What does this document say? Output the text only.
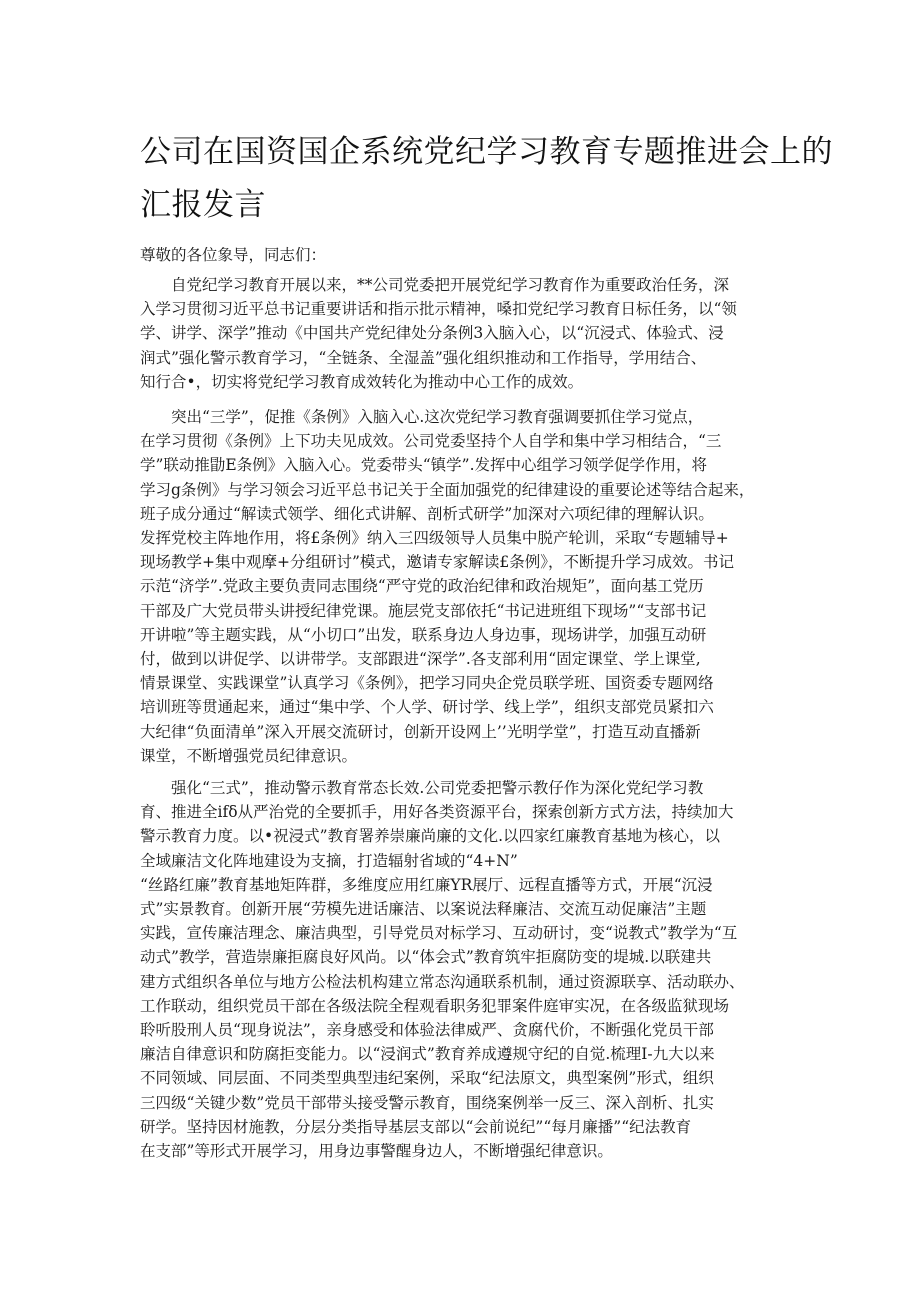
公司在国资国企系统党纪学习教育专题推进会上的
汇报发言

尊敬的各位象导，同志们：

自党纪学习教育开展以来，**公司党委把开展党纪学习教育作为重要政治任务，深
入学习贯彻习近平总书记重要讲话和指示批示精神，嗓扣党纪学习教育日标任务，以“领
学、讲学、深学”推动《中国共产党纪律处分条例3入脑入心，以“沉浸式、体验式、浸
润式”强化警示教育学习，“全链条、全湿盖”强化组织推动和工作指导，学用结合、
知行合•，切实将党纪学习教育成效转化为推动中心工作的成效。
突出“三学”，促推《条例》入脑入心.这次党纪学习教育强调要抓住学习觉点，
在学习贯彻《条例》上下功夫见成效。公司党委坚持个人自学和集中学习相结合，“三
学”联动推勖E条例》入脑入心。党委带头“镇学”.发挥中心组学习领学促学作用，将
学习g条例》与学习领会习近平总书记关于全面加强党的纪律建设的重要论述等结合起来，
班子成分通过“解读式领学、细化式讲解、剖析式研学”加深对六项纪律的理解认识。
发挥党校主阵地作用，将£条例》纳入三四级领导人员集中脱产轮训，采取“专题辅导+
现场教学+集中观摩+分组研讨”模式，邀请专家解读£条例》，不断提升学习成效。书记
示范“济学”.党政主要负责同志围绕“严守党的政治纪律和政治规矩”，面向基工党历
干部及广大党员带头讲授纪律党课。施层党支部依托“书记进班组下现场”“支部书记
开讲啦”等主题实践，从“小切口”出发，联系身边人身边事，现场讲学，加强互动研
付，做到以讲促学、以讲带学。支部跟进“深学”.各支部利用“固定课堂、学上课堂,
情景课堂、实践课堂”认真学习《条例》，把学习同央企党员联学班、国资委专题网络
培训班等贯通起来，通过“集中学、个人学、研讨学、线上学”，组织支部党员紧扣六
大纪律“负面清单”深入开展交流研讨，创新开设网上’’光明学堂”，打造互动直播新
课堂，不断增强党员纪律意识。
强化“三式”，推动警示教育常态长效.公司党委把警示教仔作为深化党纪学习教
育、推进全ifδ从严治党的全要抓手，用好各类资源平台，探索创新方式方法，持续加大
警示教育力度。以•祝浸式”教育署养崇廉尚廉的文化.以四家红廉教育基地为核心，以
全域廉洁文化阵地建设为支摘，打造辐射省域的“4+N”
“丝路红廉”教育基地矩阵群，多维度应用红廉YR展厅、远程直播等方式，开展“沉浸
式”实景教育。创新开展“劳模先进话廉洁、以案说法释廉洁、交流互动促廉洁”主题
实践，宣传廉洁理念、廉洁典型，引导党员对标学习、互动研讨，变“说教式”教学为“互
动式”教学，营造崇廉拒腐良好风尚。以“体会式”教育筑牢拒腐防变的堤城.以联建共
建方式组织各单位与地方公检法机构建立常态沟通联系机制，通过资源联享、活动联办、
工作联动，组织党员干部在各级法院全程观看职务犯罪案件庭审实况，在各级监狱现场
聆听股刑人员“现身说法”，亲身感受和体验法律威严、贪腐代价，不断强化党员干部
廉洁自律意识和防腐拒变能力。以“浸润式”教育养成遵规守纪的自觉.梳理I-九大以来
不同领域、同层面、不同类型典型违纪案例，采取“纪法原文，典型案例”形式，组织
三四级“关键少数”党员干部带头接受警示教育，围绕案例举一反三、深入剖析、扎实
研学。坚持因材施教，分层分类指导基层支部以“会前说纪”“每月廉播”“纪法教育
在支部”等形式开展学习，用身边事警醒身边人，不断增强纪律意识。
